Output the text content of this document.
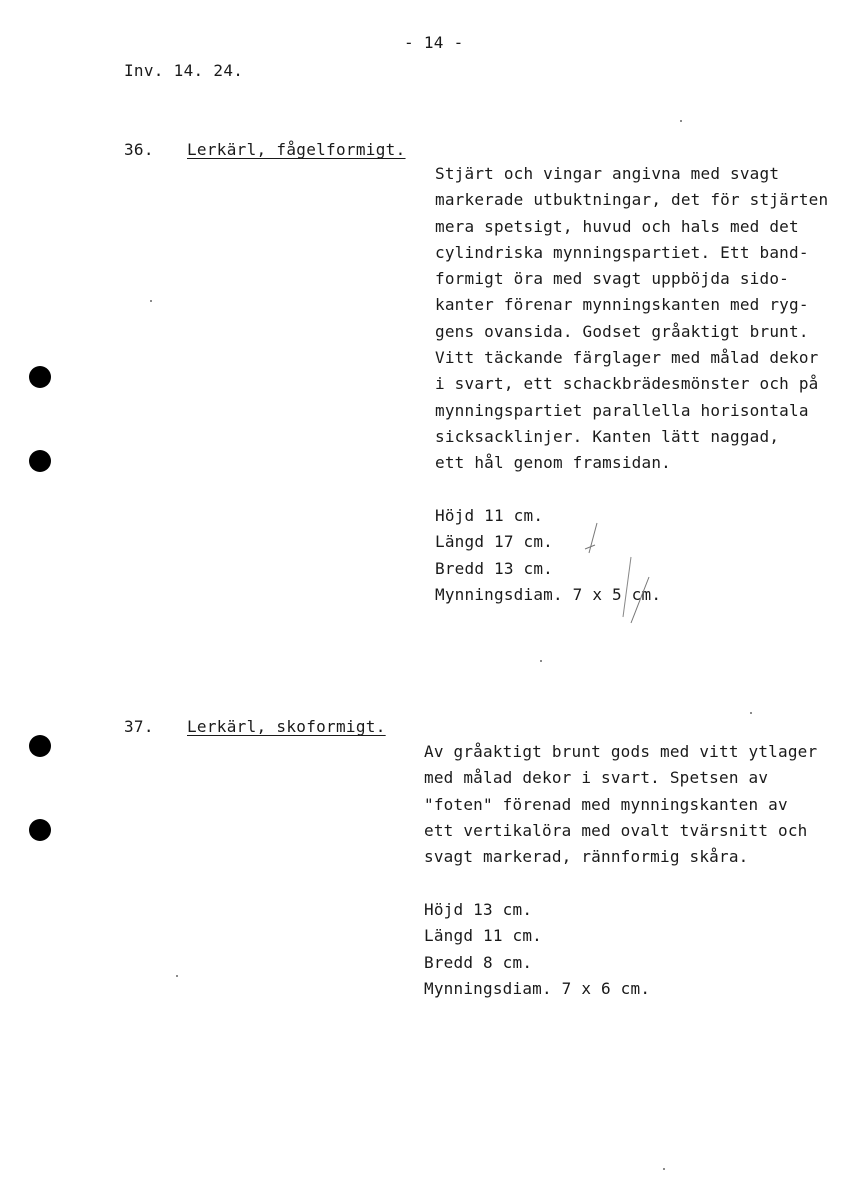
- 14 -
Inv. 14. 24.
36. Lerkärl, fågelformigt.
Stjärt och vingar angivna med svagt
markerade utbuktningar, det för stjärten
mera spetsigt, huvud och hals med det
cylindriska mynningspartiet. Ett band-
formigt öra med svagt uppböjda sido-
kanter förenar mynningskanten med ryg-
gens ovansida. Godset gråaktigt brunt.
Vitt täckande färglager med målad dekor
i svart, ett schackbrädesmönster och på
mynningspartiet parallella horisontala
sicksacklinjer. Kanten lätt naggad,
ett hål genom framsidan.
Höjd 11 cm.
Längd 17 cm.
Bredd 13 cm.
Mynningsdiam. 7 x 5 cm.
37. Lerkärl, skoformigt.
Av gråaktigt brunt gods med vitt ytlager
med målad dekor i svart. Spetsen av
"foten" förenad med mynningskanten av
ett vertikalöra med ovalt tvärsnitt och
svagt markerad, rännformig skåra.
Höjd 13 cm.
Längd 11 cm.
Bredd 8 cm.
Mynningsdiam. 7 x 6 cm.
